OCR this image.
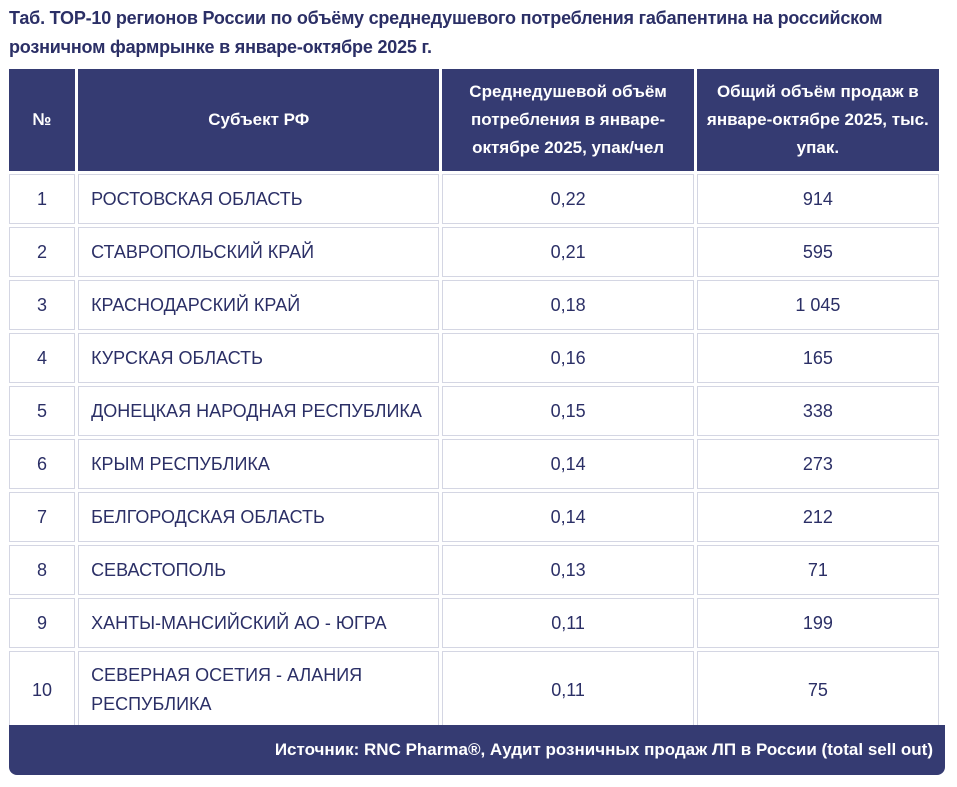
Таб. ТОР-10 регионов России по объёму среднедушевого потребления габапентина на российском розничном фармрынке в январе-октябре 2025 г.
№	Субъект РФ	Среднедушевой объём потребления в январе-октябре 2025, упак/чел	Общий объём продаж в январе-октябре 2025, тыс. упак.
1	РОСТОВСКАЯ ОБЛАСТЬ	0,22	914
2	СТАВРОПОЛЬСКИЙ КРАЙ	0,21	595
3	КРАСНОДАРСКИЙ КРАЙ	0,18	1 045
4	КУРСКАЯ ОБЛАСТЬ	0,16	165
5	ДОНЕЦКАЯ НАРОДНАЯ РЕСПУБЛИКА	0,15	338
6	КРЫМ РЕСПУБЛИКА	0,14	273
7	БЕЛГОРОДСКАЯ ОБЛАСТЬ	0,14	212
8	СЕВАСТОПОЛЬ	0,13	71
9	ХАНТЫ-МАНСИЙСКИЙ АО - ЮГРА	0,11	199
10	СЕВЕРНАЯ ОСЕТИЯ - АЛАНИЯ РЕСПУБЛИКА	0,11	75
Источник: RNC Pharma®, Аудит розничных продаж ЛП в России (total sell out)
